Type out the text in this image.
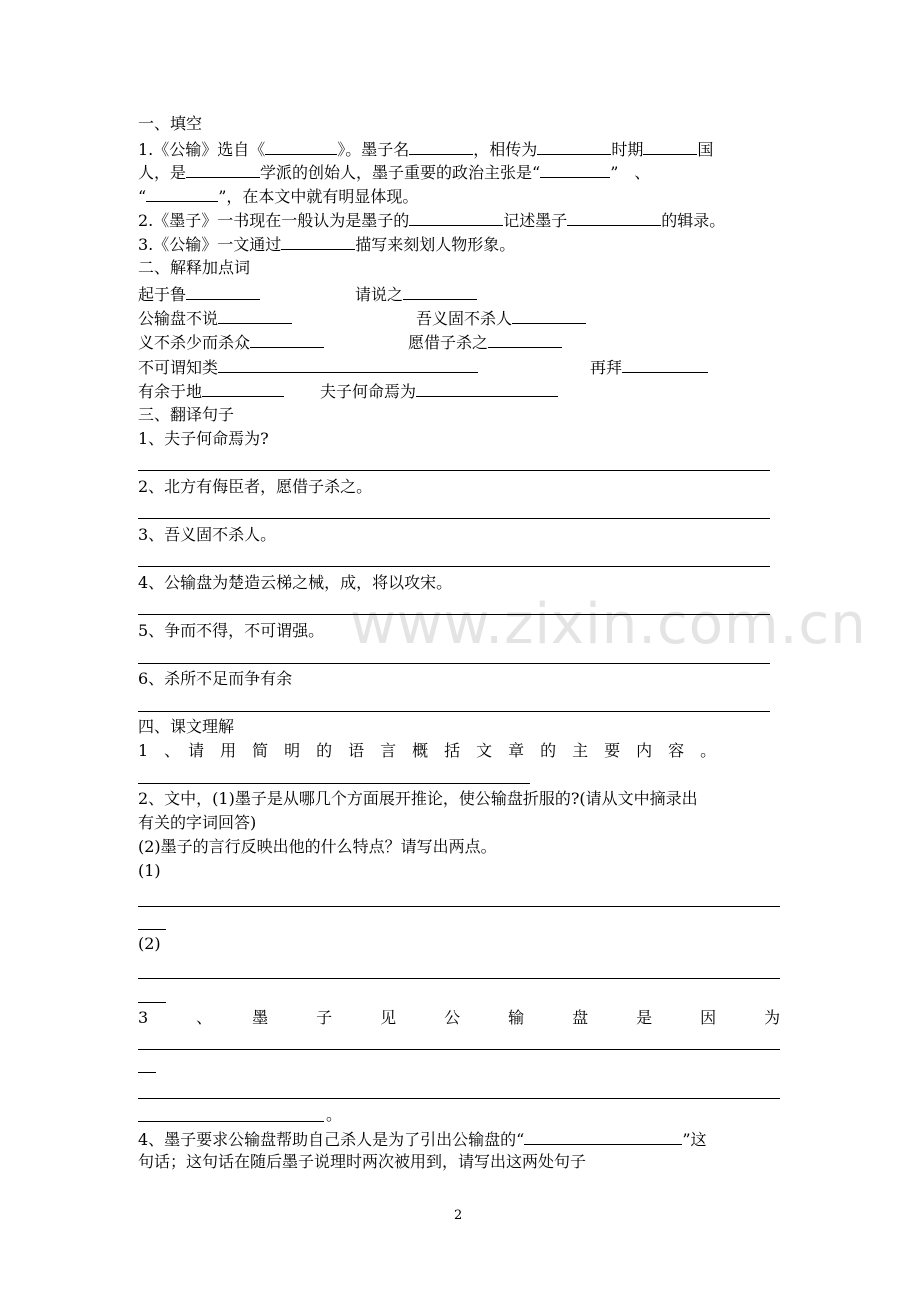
www.zixin.com.cn
一、填空
1.《公输》选自《	》。墨子名	，相传为	时期	国
人，是	学派的创始人，墨子重要的政治主张是“	”　、
“	”，在本文中就有明显体现。
2.《墨子》一书现在一般认为是墨子的	记述墨子	的辑录。
3.《公输》一文通过	描写来刻划人物形象。
二、解释加点词
起于鲁	请说之
公输盘不说	吾义固不杀人
义不杀少而杀众	愿借子杀之
不可谓知类	再拜
有余于地	夫子何命焉为
三、翻译句子
1、夫子何命焉为?
2、北方有侮臣者，愿借子杀之。
3、吾义固不杀人。
4、公输盘为楚造云梯之械，成，将以攻宋。
5、争而不得，不可谓强。
6、杀所不足而争有余
四、课文理解
1　、　请　用　简　明　的　语　言　概　括　文　章　的　主　要　内　容　。
2、文中，(1)墨子是从哪几个方面展开推论，使公输盘折服的?(请从文中摘录出
有关的字词回答)
(2)墨子的言行反映出他的什么特点？请写出两点。
(1)
(2)
3　　　、　　　墨　　　子　　　见　　　公　　　输　　　盘　　　是　　　因　　　为
。
4、墨子要求公输盘帮助自己杀人是为了引出公输盘的“	”这
句话；这句话在随后墨子说理时两次被用到，请写出这两处句子
2
